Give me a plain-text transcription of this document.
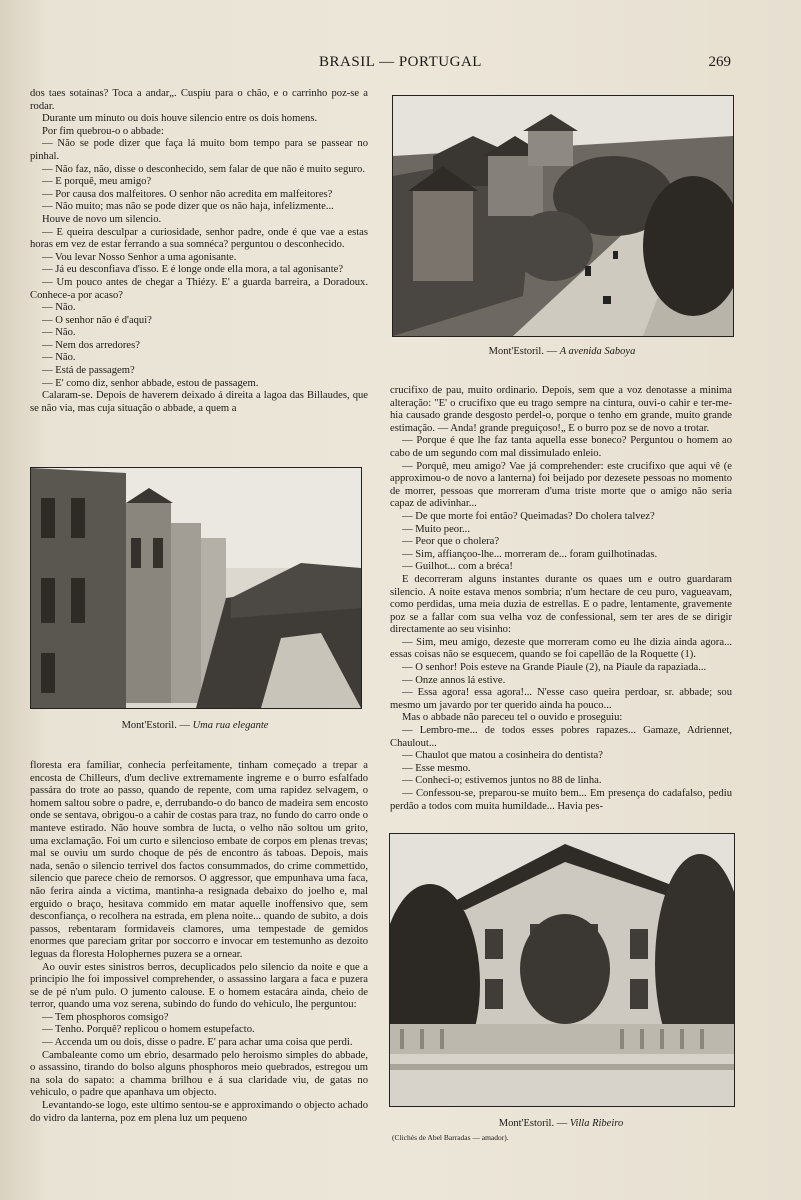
BRASIL — PORTUGAL	269

dos taes sotainas? Toca a andar„. Cuspiu para o chão, e o carrinho poz-se a rodar.

Durante um minuto ou dois houve silencio entre os dois homens.

Por fim quebrou-o o abbade:

— Não se pode dizer que faça lá muito bom tempo para se passear no pinhal.

— Não faz, não, disse o desconhecido, sem falar de que não é muito seguro.

— E porquê, meu amigo?

— Por causa dos malfeitores. O senhor não acredita em malfeitores?

— Não muito; mas não se pode dizer que os não haja, infelizmente...

Houve de novo um silencio.

— E queira desculpar a curiosidade, senhor padre, onde é que vae a estas horas em vez de estar ferrando a sua somnéca? perguntou o desconhecido.

— Vou levar Nosso Senhor a uma agonisante.

— Já eu desconfiava d'isso. E é longe onde ella mora, a tal agonisante?

— Um pouco antes de chegar a Thiézy. E' a guarda barreira, a Doradoux. Conhece-a por acaso?

— Não.

— O senhor não é d'aqui?

— Não.

— Nem dos arredores?

— Não.

— Está de passagem?

— E' como diz, senhor abbade, estou de passagem.

Calaram-se. Depois de haverem deixado á direita a lagoa das Billaudes, que se não via, mas cuja situação o abbade, a quem a

Mont'Estoril. — A avenida Saboya

crucifixo de pau, muito ordinario. Depois, sem que a voz denotasse a minima alteração: "E' o crucifixo que eu trago sempre na cintura, ouvi-o cahir e ter-me-hia causado grande desgosto perdel-o, porque o tenho em grande, muito grande estimação. — Anda! grande preguiçoso!„ E o burro poz se de novo a trotar.

— Porque é que lhe faz tanta aquella esse boneco? Perguntou o homem ao cabo de um segundo com mal dissimulado enleio.

— Porquê, meu amigo? Vae já comprehender: este crucifixo que aqui vê (e approximou-o de novo a lanterna) foi beijado por dezesete pessoas no momento de morrer, pessoas que morreram d'uma triste morte que o amigo não seria capaz de adivinhar...

— De que morte foi então? Queimadas? Do cholera talvez?

— Muito peor...

— Peor que o cholera?

— Sim, affiançoo-lhe... morreram de... foram guilhotinadas.

— Guilhot... com a bréca!

E decorreram alguns instantes durante os quaes um e outro guardaram silencio. A noite estava menos sombria; n'um hectare de ceu puro, vagueavam, como perdidas, uma meia duzia de estrellas. E o padre, lentamente, gravemente poz se a fallar com sua velha voz de confessional, sem ter ares de se dirigir directamente ao seu visinho:

— Sim, meu amigo, dezeste que morreram como eu lhe dizia ainda agora... essas coisas não se esquecem, quando se foi capellão de la Roquette (1).

— O senhor! Pois esteve na Grande Piaule (2), na Piaule da rapaziada...

— Onze annos lá estive.

— Essa agora! essa agora!... N'esse caso queira perdoar, sr. abbade; sou mesmo um javardo por ter querido ainda ha pouco...

Mas o abbade não pareceu tel o ouvido e proseguiu:

— Lembro-me... de todos esses pobres rapazes... Gamaze, Adriennet, Chaulout...

— Chaulot que matou a cosinheira do dentista?

— Esse mesmo.

— Conheci-o; estivemos juntos no 88 de linha.

— Confessou-se, preparou-se muito bem... Em presença do cadafalso, pediu perdão a todos com muita humildade... Havia pes-

Mont'Estoril. — Uma rua elegante

floresta era familiar, conhecia perfeitamente, tinham começado a trepar a encosta de Chilleurs, d'um declive extremamente ingreme e o burro esfalfado passára do trote ao passo, quando de repente, com uma rapidez selvagem, o homem saltou sobre o padre, e, derrubando-o do banco de madeira sem encosto onde se sentava, obrigou-o a cahir de costas para traz, no fundo do carro onde o manteve estirado. Não houve sombra de lucta, o velho não soltou um grito, uma exclamação. Foi um curto e silencioso embate de corpos em plenas trevas; mal se ouviu um surdo choque de pés de encontro ás taboas. Depois, mais nada, senão o silencio terrivel dos factos consummados, do crime commettido, silencio que parece cheio de remorsos. O aggressor, que empunhava uma faca, não ferira ainda a victima, mantinha-a resignada debaixo do joelho e, mal erguido o braço, hesitava commido em matar aquelle inoffensivo que, sem desconfiança, o recolhera na estrada, em plena noite... quando de subito, a dois passos, rebentaram formidaveis clamores, uma tempestade de gemidos enormes que pareciam gritar por soccorro e invocar em testemunho as dezoito leguas da floresta Holophernes puzera se a ornear.

Ao ouvir estes sinistros berros, decuplicados pelo silencio da noite e que a principio lhe foi impossivel comprehender, o assassino largara a faca e puzera se de pé n'um pulo. O jumento calouse. E o homem estacára ainda, cheio de terror, quando uma voz serena, subindo do fundo do vehiculo, lhe perguntou:

— Tem phosphoros comsigo?

— Tenho. Porquê? replicou o homem estupefacto.

— Accenda um ou dois, disse o padre. E' para achar uma coisa que perdi.

Cambaleante como um ebrio, desarmado pelo heroismo simples do abbade, o assassino, tirando do bolso alguns phosphoros meio quebrados, estregou um na sola do sapato: a chamma brilhou e á sua claridade viu, de gatas no vehiculo, o padre que apanhava um objecto.

Levantando-se logo, este ultimo sentou-se e approximando o objecto achado do vidro da lanterna, poz em plena luz um pequeno	Mont'Estoril. — Villa Ribeiro
(Clichés de Abel Barradas — amador).
